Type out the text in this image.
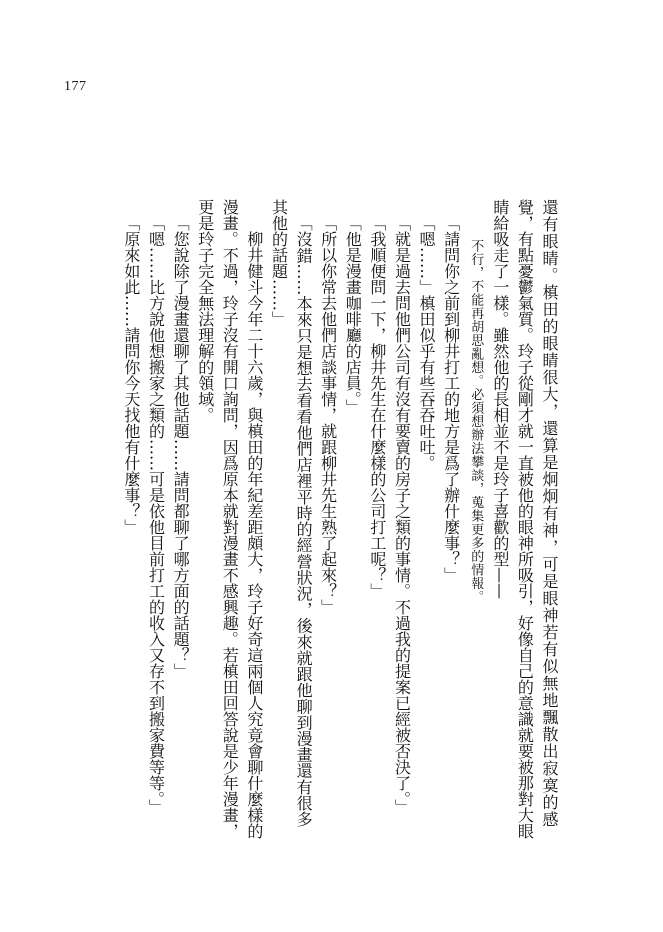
177
還有眼睛。槙田的眼睛很大，還算是炯炯有神，可是眼神若有似無地飄散出寂寞的感
覺，有點憂鬱氣質。玲子從剛才就一直被他的眼神所吸引，好像自己的意識就要被那對大眼
睛給吸走了一樣。雖然他的長相並不是玲子喜歡的型——
不行，不能再胡思亂想。必須想辦法攀談，蒐集更多的情報。
「請問你之前到柳井打工的地方是爲了辦什麼事？」
「嗯……」槙田似乎有些吞吞吐吐。
「就是過去問他們公司有沒有要賣的房子之類的事情。不過我的提案已經被否決了。」
「我順便問一下，柳井先生在什麼樣的公司打工呢？」
「他是漫畫咖啡廳的店員。」
「所以你常去他們店談事情，就跟柳井先生熟了起來？」
「沒錯……本來只是想去看看他們店裡平時的經營狀況，後來就跟他聊到漫畫還有很多
其他的話題……」
柳井健斗今年二十六歲，與槙田的年紀差距頗大，玲子好奇這兩個人究竟會聊什麼樣的
漫畫。不過，玲子沒有開口詢問，因爲原本就對漫畫不感興趣。若槙田回答說是少年漫畫，
更是玲子完全無法理解的領域。
「您說除了漫畫還聊了其他話題……請問都聊了哪方面的話題？」
「嗯……比方說他想搬家之類的……可是依他目前打工的收入又存不到搬家費等等。」
「原來如此……請問你今天找他有什麼事？」
